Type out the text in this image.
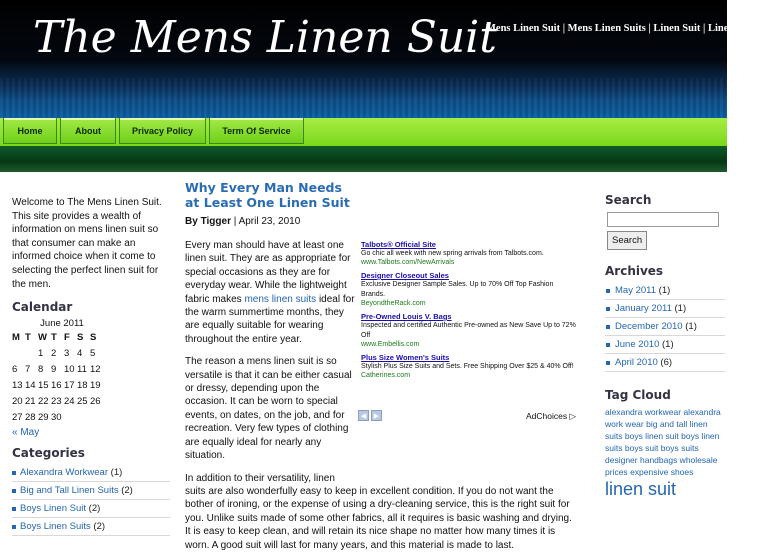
The Mens Linen Suit
Mens Linen Suit | Mens Linen Suits | Linen Suit | Linen Suits
Home	About	Privacy Policy	Term Of Service
Welcome to The Mens Linen Suit. This site provides a wealth of information on mens linen suit so that consumer can make an informed choice when it come to selecting the perfect linen suit for the men.
Calendar
June 2011
M	T	W	T	F	S	S
		1	2	3	4	5
6	7	8	9	10	11	12
13	14	15	16	17	18	19
20	21	22	23	24	25	26
27	28	29	30			
« May
Categories
Alexandra Workwear (1)
Big and Tall Linen Suits (2)
Boys Linen Suit (2)
Boys Linen Suits (2)
Why Every Man Needs at Least One Linen Suit
By Tigger | April 23, 2010
Every man should have at least one linen suit. They are as appropriate for special occasions as they are for everyday wear. While the lightweight fabric makes mens linen suits ideal for the warm summertime months, they are equally suitable for wearing throughout the entire year.
The reason a mens linen suit is so versatile is that it can be either casual or dressy, depending upon the occasion. It can be worn to special events, on dates, on the job, and for recreation. Very few types of clothing are equally ideal for nearly any situation.
In addition to their versatility, linen suits are also wonderfully easy to keep in excellent condition. If you do not want the bother of ironing, or the expense of using a dry-cleaning service, this is the right suit for you. Unlike suits made of some other fabrics, all it requires is basic washing and drying. It is easy to keep clean, and will retain its nice shape no matter how many times it is worn. A good suit will last for many years, and this material is made to last.
Talbots® Official Site
Go chic all week with new spring arrivals from Talbots.com.
www.Talbots.com/NewArrivals
Designer Closeout Sales
Exclusive Designer Sample Sales. Up to 70% Off Top Fashion Brands.
BeyondtheRack.com
Pre-Owned Louis V. Bags
Inspected and certified Authentic Pre-owned as New Save Up to 72% Off
www.Embellis.com
Plus Size Women's Suits
Stylish Plus Size Suits and Sets. Free Shipping Over $25 & 40% Off!
Catherines.com
◀	▶	AdChoices ▷
Search
Search
Archives
May 2011 (1)
January 2011 (1)
December 2010 (1)
June 2010 (1)
April 2010 (6)
Tag Cloud
alexandra workwear alexandra work wear big and tall linen suits boys linen suit boys linen suits boys suit boys suits designer handbags wholesale prices expensive shoes
linen suit
